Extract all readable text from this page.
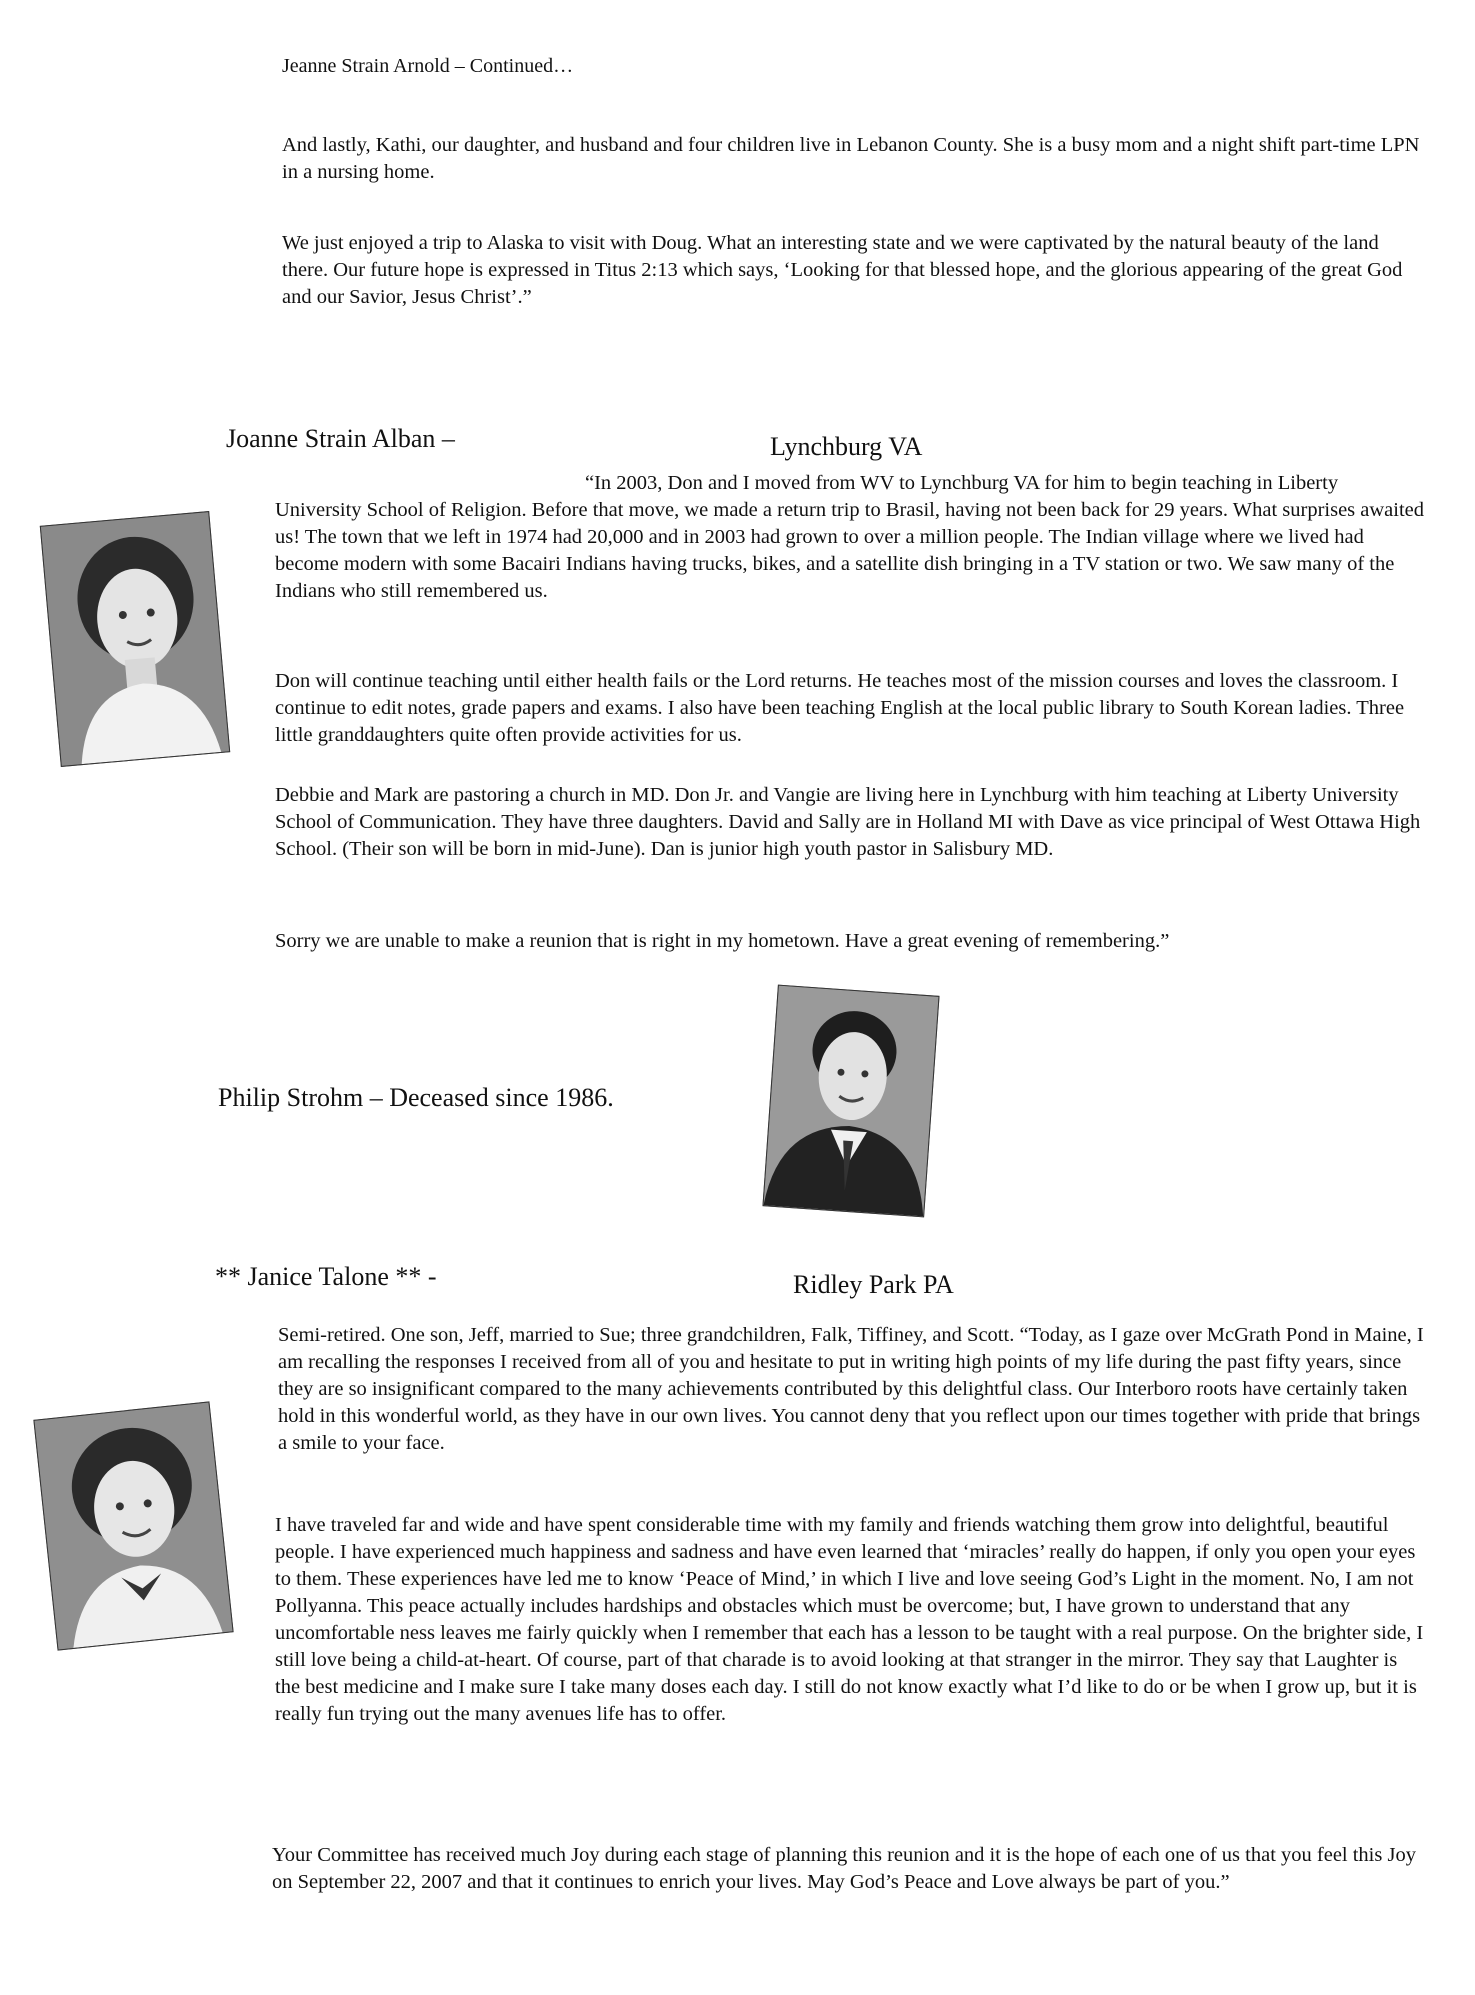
Jeanne Strain Arnold – Continued…

And lastly, Kathi, our daughter, and husband and four children live in Lebanon County. She is a busy mom and a night shift part-time LPN in a nursing home.

We just enjoyed a trip to Alaska to visit with Doug. What an interesting state and we were captivated by the natural beauty of the land there. Our future hope is expressed in Titus 2:13 which says, ‘Looking for that blessed hope, and the glorious appearing of the great God and our Savior, Jesus Christ’.”

Joanne Strain Alban –	Lynchburg VA

“In 2003, Don and I moved from WV to Lynchburg VA for him to begin teaching in Liberty University School of Religion. Before that move, we made a return trip to Brasil, having not been back for 29 years. What surprises awaited us! The town that we left in 1974 had 20,000 and in 2003 had grown to over a million people. The Indian village where we lived had become modern with some Bacairi Indians having trucks, bikes, and a satellite dish bringing in a TV station or two. We saw many of the Indians who still remembered us.

Don will continue teaching until either health fails or the Lord returns. He teaches most of the mission courses and loves the classroom. I continue to edit notes, grade papers and exams. I also have been teaching English at the local public library to South Korean ladies. Three little granddaughters quite often provide activities for us.

Debbie and Mark are pastoring a church in MD. Don Jr. and Vangie are living here in Lynchburg with him teaching at Liberty University School of Communication. They have three daughters. David and Sally are in Holland MI with Dave as vice principal of West Ottawa High School. (Their son will be born in mid-June). Dan is junior high youth pastor in Salisbury MD.

Sorry we are unable to make a reunion that is right in my hometown. Have a great evening of remembering.”

Philip Strohm – Deceased since 1986.

** Janice Talone ** -	Ridley Park PA

Semi-retired. One son, Jeff, married to Sue; three grandchildren, Falk, Tiffiney, and Scott. “Today, as I gaze over McGrath Pond in Maine, I am recalling the responses I received from all of you and hesitate to put in writing high points of my life during the past fifty years, since they are so insignificant compared to the many achievements contributed by this delightful class. Our Interboro roots have certainly taken hold in this wonderful world, as they have in our own lives. You cannot deny that you reflect upon our times together with pride that brings a smile to your face.

I have traveled far and wide and have spent considerable time with my family and friends watching them grow into delightful, beautiful people. I have experienced much happiness and sadness and have even learned that ‘miracles’ really do happen, if only you open your eyes to them. These experiences have led me to know ‘Peace of Mind,’ in which I live and love seeing God’s Light in the moment. No, I am not Pollyanna. This peace actually includes hardships and obstacles which must be overcome; but, I have grown to understand that any uncomfortable ness leaves me fairly quickly when I remember that each has a lesson to be taught with a real purpose. On the brighter side, I still love being a child-at-heart. Of course, part of that charade is to avoid looking at that stranger in the mirror. They say that Laughter is the best medicine and I make sure I take many doses each day. I still do not know exactly what I’d like to do or be when I grow up, but it is really fun trying out the many avenues life has to offer.

Your Committee has received much Joy during each stage of planning this reunion and it is the hope of each one of us that you feel this Joy on September 22, 2007 and that it continues to enrich your lives. May God’s Peace and Love always be part of you.”
